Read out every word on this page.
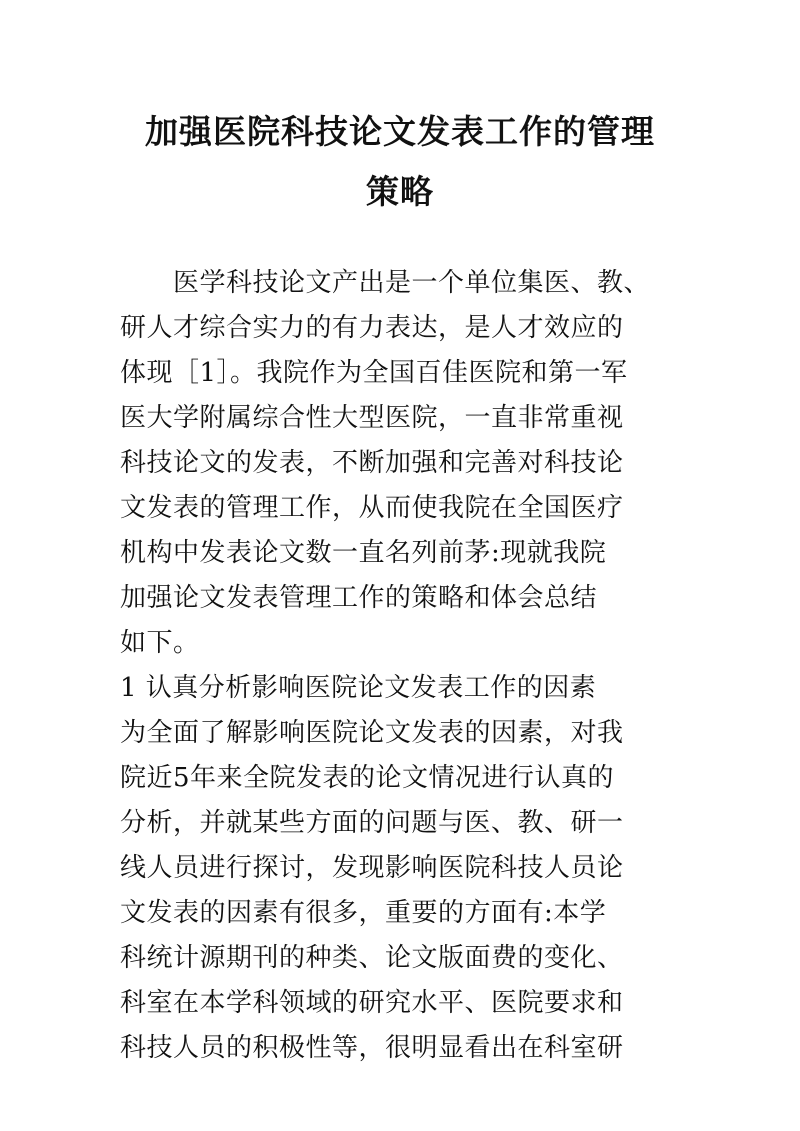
加强医院科技论文发表工作的管理
策略

　　医学科技论文产出是一个单位集医、教、

研人才综合实力的有力表达，是人才效应的

体现［1］。我院作为全国百佳医院和第一军

医大学附属综合性大型医院，一直非常重视

科技论文的发表，不断加强和完善对科技论

文发表的管理工作，从而使我院在全国医疗

机构中发表论文数一直名列前茅:现就我院

加强论文发表管理工作的策略和体会总结

如下。

1 认真分析影响医院论文发表工作的因素

为全面了解影响医院论文发表的因素，对我

院近5年来全院发表的论文情况进行认真的

分析，并就某些方面的问题与医、教、研一

线人员进行探讨，发现影响医院科技人员论

文发表的因素有很多，重要的方面有:本学

科统计源期刊的种类、论文版面费的变化、

科室在本学科领域的研究水平、医院要求和

科技人员的积极性等，很明显看出在科室研
